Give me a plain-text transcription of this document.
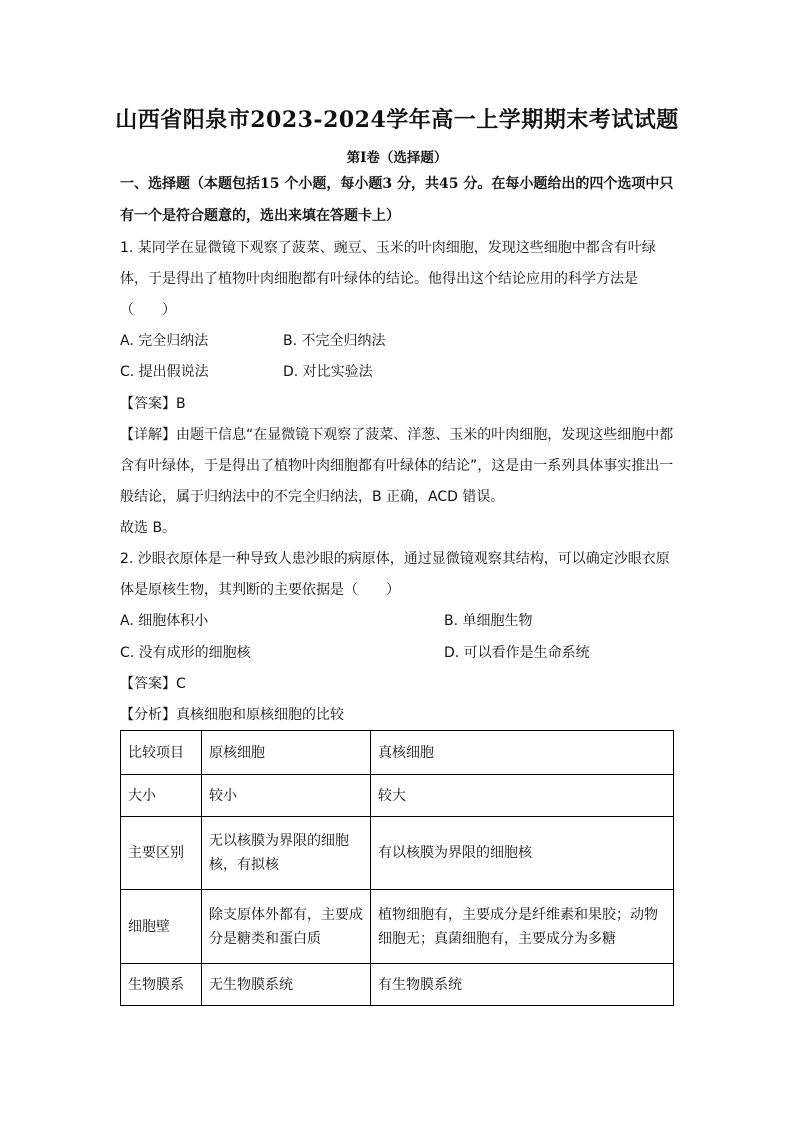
山西省阳泉市2023-2024学年高一上学期期末考试试题
第Ⅰ卷（选择题）
一、选择题（本题包括15 个小题，每小题3 分，共45 分。在每小题给出的四个选项中只
有一个是符合题意的，选出来填在答题卡上）
1. 某同学在显微镜下观察了菠菜、豌豆、玉米的叶肉细胞，发现这些细胞中都含有叶绿
体，于是得出了植物叶肉细胞都有叶绿体的结论。他得出这个结论应用的科学方法是
（　　）
A. 完全归纳法	B. 不完全归纳法
C. 提出假说法	D. 对比实验法
【答案】B
【详解】由题干信息“在显微镜下观察了菠菜、洋葱、玉米的叶肉细胞，发现这些细胞中都
含有叶绿体，于是得出了植物叶肉细胞都有叶绿体的结论”，这是由一系列具体事实推出一
般结论，属于归纳法中的不完全归纳法，B 正确，ACD 错误。
故选 B。
2. 沙眼衣原体是一种导致人患沙眼的病原体，通过显微镜观察其结构，可以确定沙眼衣原
体是原核生物，其判断的主要依据是（　　）
A. 细胞体积小	B. 单细胞生物
C. 没有成形的细胞核	D. 可以看作是生命系统
【答案】C
【分析】真核细胞和原核细胞的比较
比较项目	原核细胞	真核细胞
大小	较小	较大
主要区别	无以核膜为界限的细胞核，有拟核	有以核膜为界限的细胞核
细胞壁	除支原体外都有，主要成分是糖类和蛋白质	植物细胞有，主要成分是纤维素和果胶；动物细胞无；真菌细胞有，主要成分为多糖
生物膜系	无生物膜系统	有生物膜系统
